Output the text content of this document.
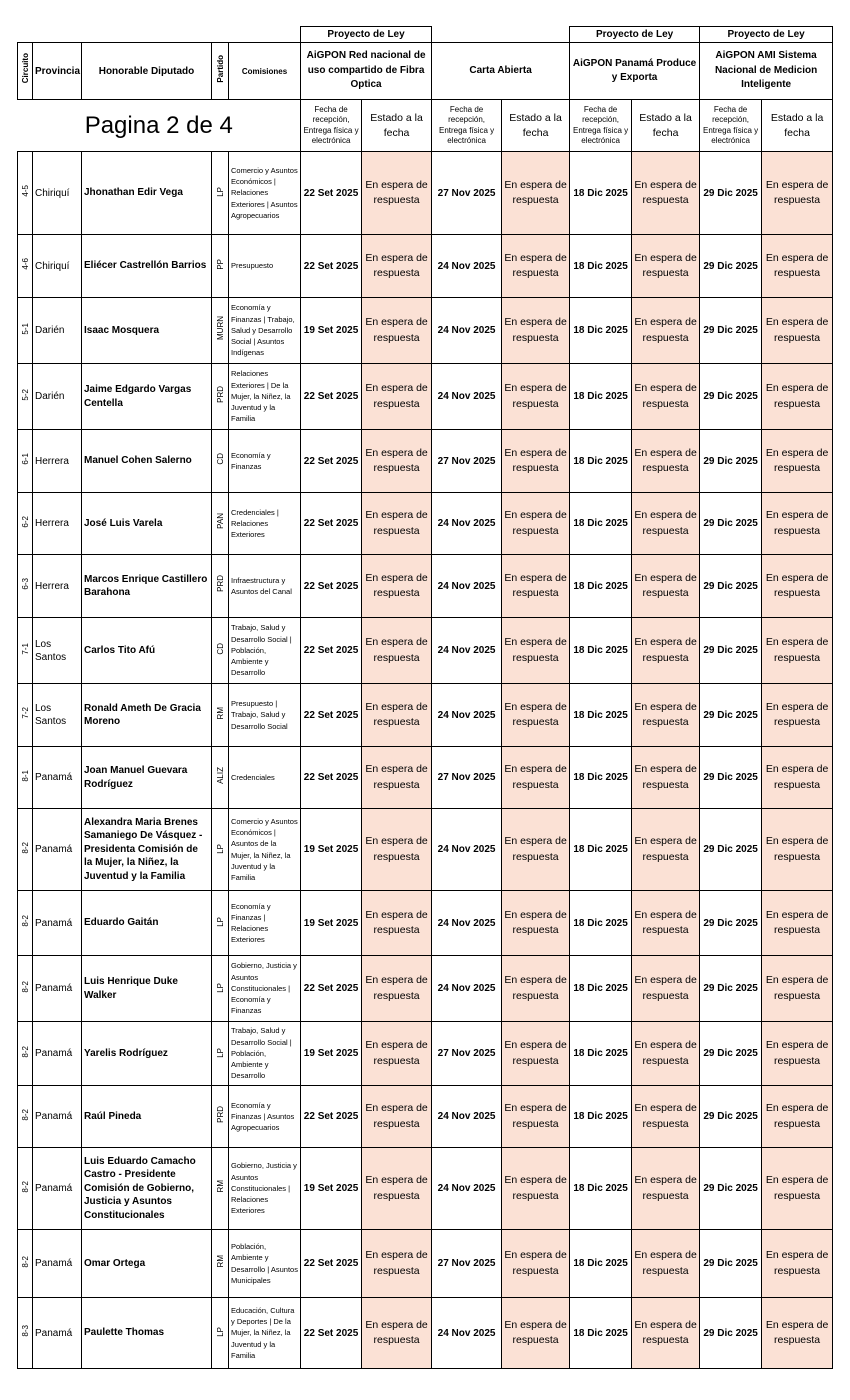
					Proyecto de Ley				Proyecto de Ley		Proyecto de Ley	
Circuito	Provincia	Honorable Diputado	Partido	Comisiones	AiGPON Red nacional de uso compartido de Fibra Optica		Carta Abierta		AiGPON Panamá Produce y Exporta		AiGPON AMI Sistema Nacional de Medicion Inteligente	
Pagina 2 de 4					Fecha de recepción, Entrega física y electrónica	Estado a la fecha	Fecha de recepción, Entrega física y electrónica	Estado a la fecha	Fecha de recepción, Entrega física y electrónica	Estado a la fecha	Fecha de recepción, Entrega física y electrónica	Estado a la fecha
4-5	Chiriquí	Jhonathan Edir Vega	LP	Comercio y Asuntos Económicos | Relaciones Exteriores | Asuntos Agropecuarios	22 Set 2025	En espera de respuesta	27 Nov 2025	En espera de respuesta	18 Dic 2025	En espera de respuesta	29 Dic 2025	En espera de respuesta
4-6	Chiriquí	Eliécer Castrellón Barrios	PP	Presupuesto	22 Set 2025	En espera de respuesta	24 Nov 2025	En espera de respuesta	18 Dic 2025	En espera de respuesta	29 Dic 2025	En espera de respuesta
5-1	Darién	Isaac Mosquera	MURN	Economía y Finanzas | Trabajo, Salud y Desarrollo Social | Asuntos Indígenas	19 Set 2025	En espera de respuesta	24 Nov 2025	En espera de respuesta	18 Dic 2025	En espera de respuesta	29 Dic 2025	En espera de respuesta
5-2	Darién	Jaime Edgardo Vargas Centella	PRD	Relaciones Exteriores | De la Mujer, la Niñez, la Juventud y la Familia	22 Set 2025	En espera de respuesta	24 Nov 2025	En espera de respuesta	18 Dic 2025	En espera de respuesta	29 Dic 2025	En espera de respuesta
6-1	Herrera	Manuel Cohen Salerno	CD	Economía y Finanzas	22 Set 2025	En espera de respuesta	27 Nov 2025	En espera de respuesta	18 Dic 2025	En espera de respuesta	29 Dic 2025	En espera de respuesta
6-2	Herrera	José Luis Varela	PAN	Credenciales | Relaciones Exteriores	22 Set 2025	En espera de respuesta	24 Nov 2025	En espera de respuesta	18 Dic 2025	En espera de respuesta	29 Dic 2025	En espera de respuesta
6-3	Herrera	Marcos Enrique Castillero Barahona	PRD	Infraestructura y Asuntos del Canal	22 Set 2025	En espera de respuesta	24 Nov 2025	En espera de respuesta	18 Dic 2025	En espera de respuesta	29 Dic 2025	En espera de respuesta
7-1	Los Santos	Carlos Tito Afú	CD	Trabajo, Salud y Desarrollo Social | Población, Ambiente y Desarrollo	22 Set 2025	En espera de respuesta	24 Nov 2025	En espera de respuesta	18 Dic 2025	En espera de respuesta	29 Dic 2025	En espera de respuesta
7-2	Los Santos	Ronald Ameth De Gracia Moreno	RM	Presupuesto | Trabajo, Salud y Desarrollo Social	22 Set 2025	En espera de respuesta	24 Nov 2025	En espera de respuesta	18 Dic 2025	En espera de respuesta	29 Dic 2025	En espera de respuesta
8-1	Panamá	Joan Manuel Guevara Rodríguez	ALIZ	Credenciales	22 Set 2025	En espera de respuesta	27 Nov 2025	En espera de respuesta	18 Dic 2025	En espera de respuesta	29 Dic 2025	En espera de respuesta
8-2	Panamá	Alexandra Maria Brenes Samaniego De Vásquez - Presidenta Comisión de la Mujer, la Niñez, la Juventud y la Familia	LP	Comercio y Asuntos Económicos | Asuntos de la Mujer, la Niñez, la Juventud y la Familia	19 Set 2025	En espera de respuesta	24 Nov 2025	En espera de respuesta	18 Dic 2025	En espera de respuesta	29 Dic 2025	En espera de respuesta
8-2	Panamá	Eduardo Gaitán	LP	Economía y Finanzas | Relaciones Exteriores	19 Set 2025	En espera de respuesta	24 Nov 2025	En espera de respuesta	18 Dic 2025	En espera de respuesta	29 Dic 2025	En espera de respuesta
8-2	Panamá	Luis Henrique Duke Walker	LP	Gobierno, Justicia y Asuntos Constitucionales | Economía y Finanzas	22 Set 2025	En espera de respuesta	24 Nov 2025	En espera de respuesta	18 Dic 2025	En espera de respuesta	29 Dic 2025	En espera de respuesta
8-2	Panamá	Yarelis Rodríguez	LP	Trabajo, Salud y Desarrollo Social | Población, Ambiente y Desarrollo	19 Set 2025	En espera de respuesta	27 Nov 2025	En espera de respuesta	18 Dic 2025	En espera de respuesta	29 Dic 2025	En espera de respuesta
8-2	Panamá	Raúl Pineda	PRD	Economía y Finanzas | Asuntos Agropecuarios	22 Set 2025	En espera de respuesta	24 Nov 2025	En espera de respuesta	18 Dic 2025	En espera de respuesta	29 Dic 2025	En espera de respuesta
8-2	Panamá	Luis Eduardo Camacho Castro - Presidente Comisión de Gobierno, Justicia y Asuntos Constitucionales	RM	Gobierno, Justicia y Asuntos Constitucionales | Relaciones Exteriores	19 Set 2025	En espera de respuesta	24 Nov 2025	En espera de respuesta	18 Dic 2025	En espera de respuesta	29 Dic 2025	En espera de respuesta
8-2	Panamá	Omar Ortega	RM	Población, Ambiente y Desarrollo | Asuntos Municipales	22 Set 2025	En espera de respuesta	27 Nov 2025	En espera de respuesta	18 Dic 2025	En espera de respuesta	29 Dic 2025	En espera de respuesta
8-3	Panamá	Paulette Thomas	LP	Educación, Cultura y Deportes | De la Mujer, la Niñez, la Juventud y la Familia	22 Set 2025	En espera de respuesta	24 Nov 2025	En espera de respuesta	18 Dic 2025	En espera de respuesta	29 Dic 2025	En espera de respuesta
